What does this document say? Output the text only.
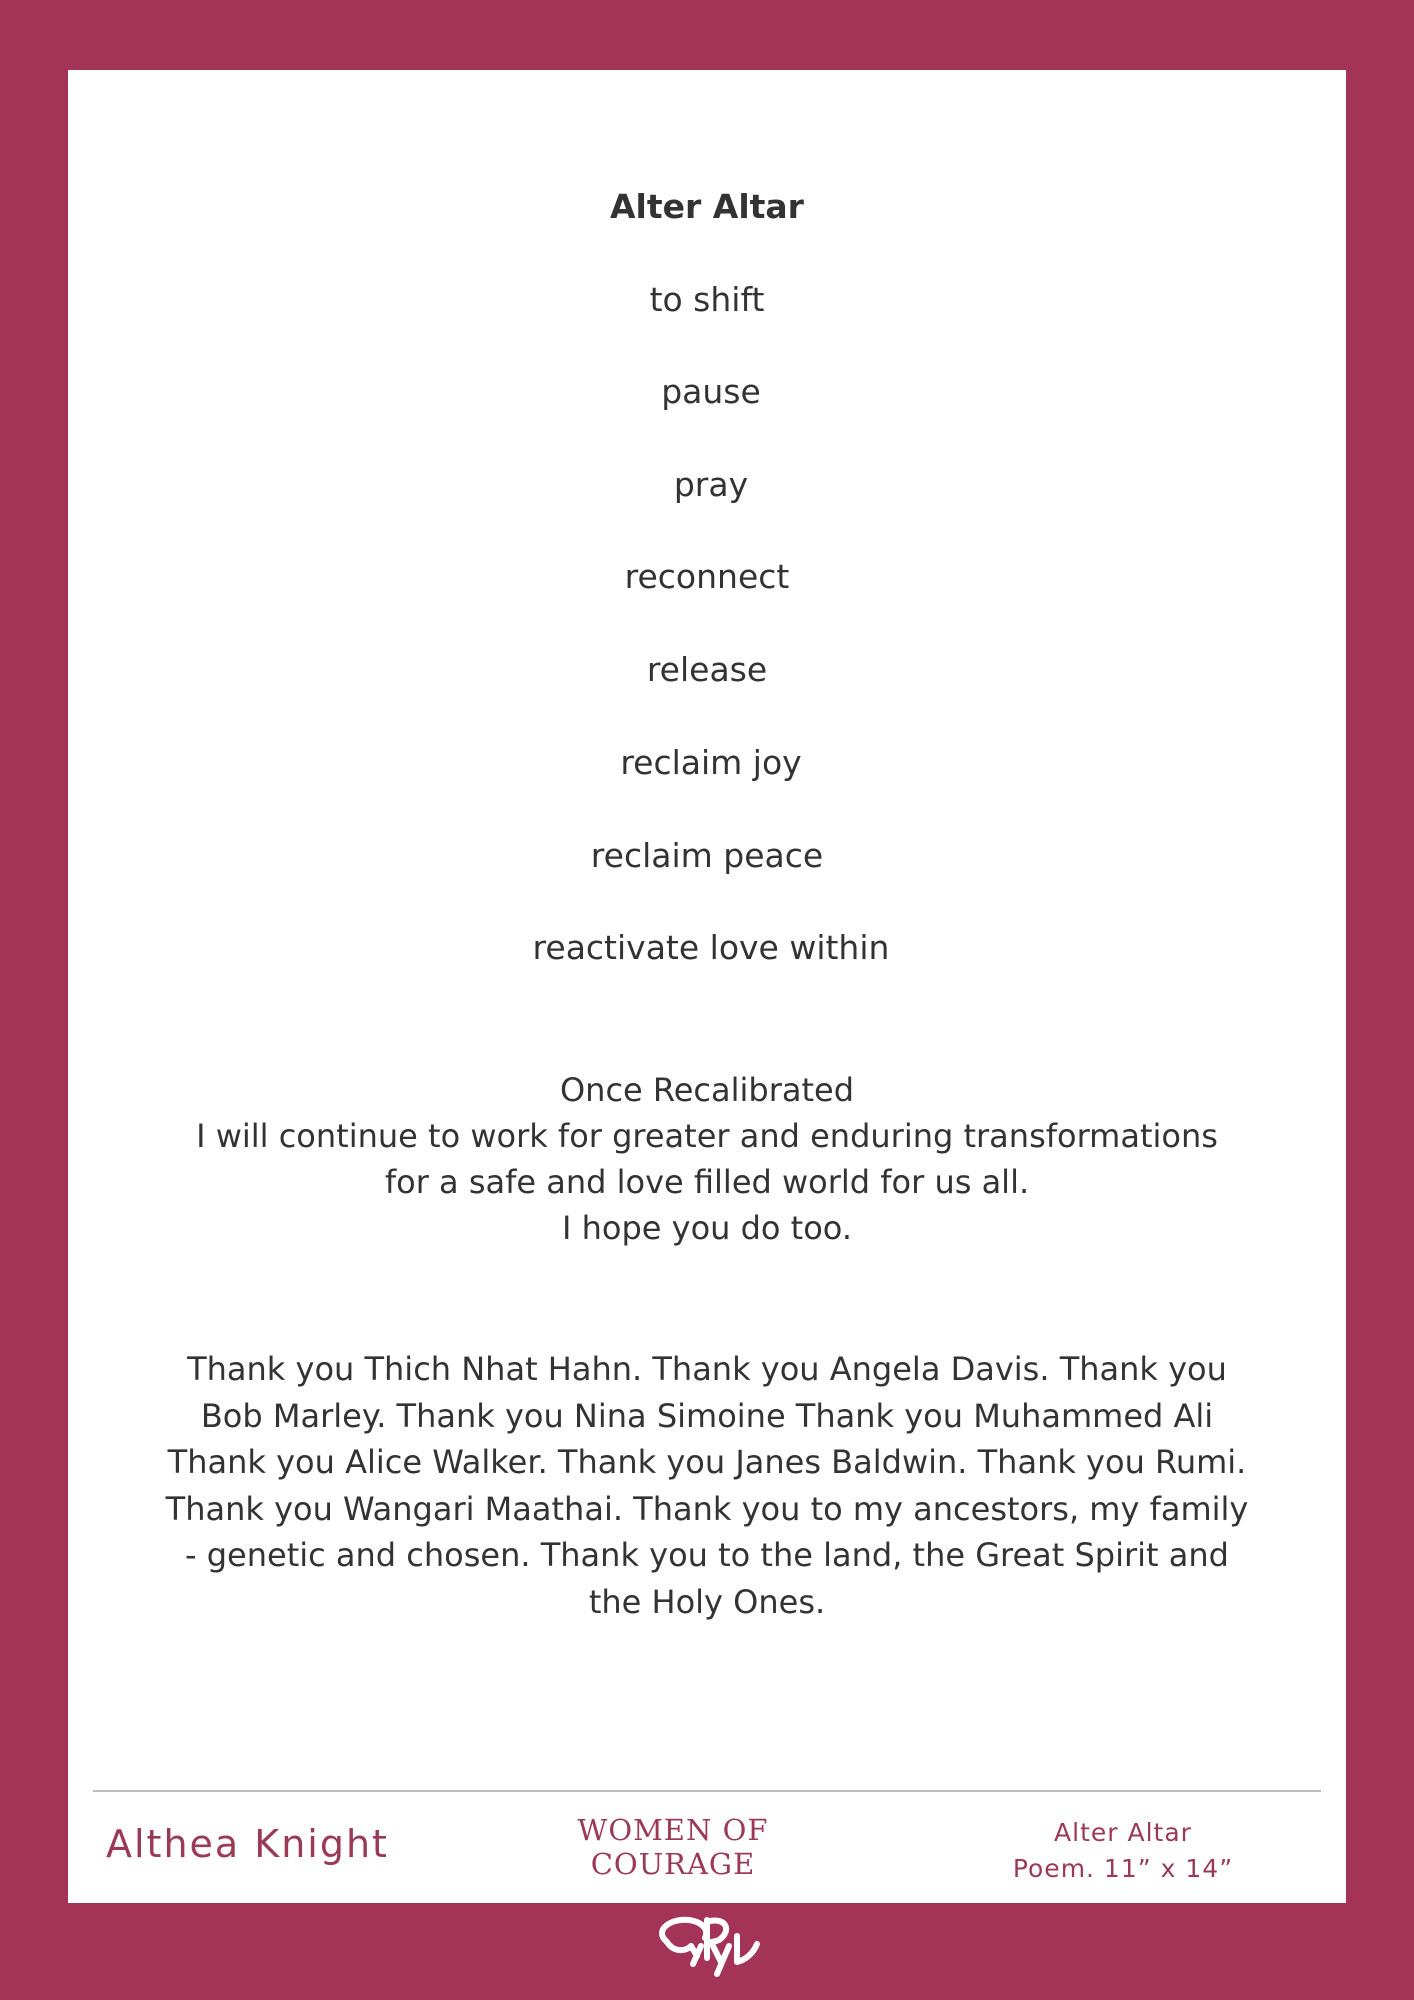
Alter Altar
to shift
pause
pray
reconnect
release
reclaim joy
reclaim peace
reactivate love within
Once Recalibrated
I will continue to work for greater and enduring transformations
for a safe and love filled world for us all.
I hope you do too.
Thank you Thich Nhat Hahn. Thank you Angela Davis. Thank you Bob Marley. Thank you Nina Simoine Thank you Muhammed Ali Thank you Alice Walker. Thank you Janes Baldwin. Thank you Rumi. Thank you Wangari Maathai. Thank you to my ancestors, my family - genetic and chosen. Thank you to the land, the Great Spirit and the Holy Ones.
Althea Knight	WOMEN OF
COURAGE
Alter Altar
Poem. 11” x 14”
